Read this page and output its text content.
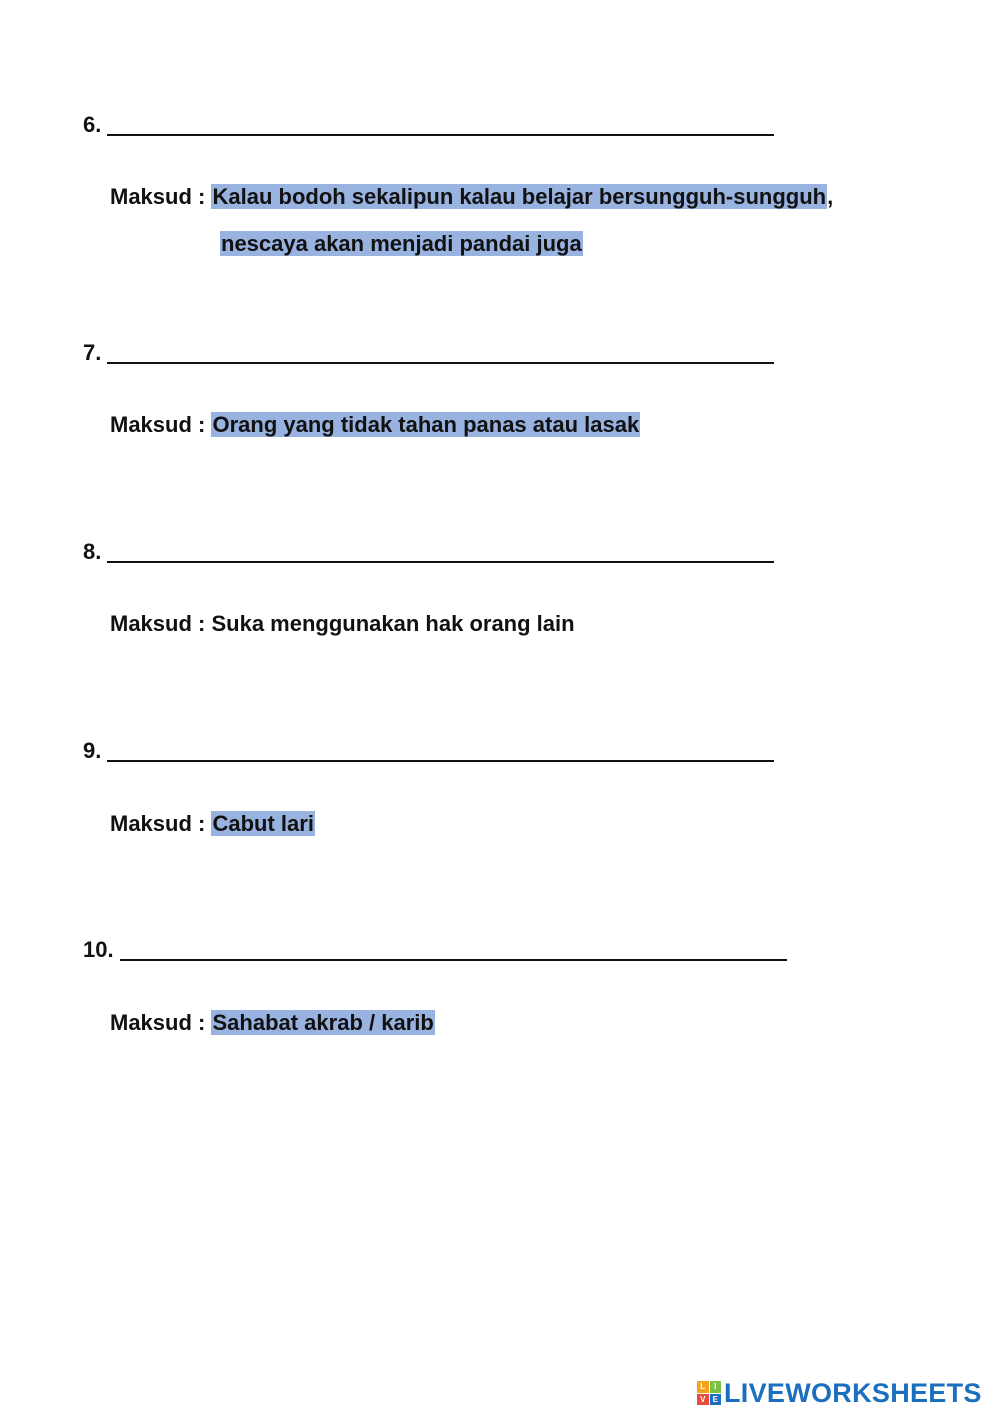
6.
Maksud : Kalau bodoh sekalipun kalau belajar bersungguh-sungguh,
nescaya akan menjadi pandai juga
7.
Maksud : Orang yang tidak tahan panas atau lasak
8.
Maksud : Suka menggunakan hak orang lain
9.
Maksud : Cabut lari
10.
Maksud : Sahabat akrab / karib
L	I
V E LIVEWORKSHEETS
